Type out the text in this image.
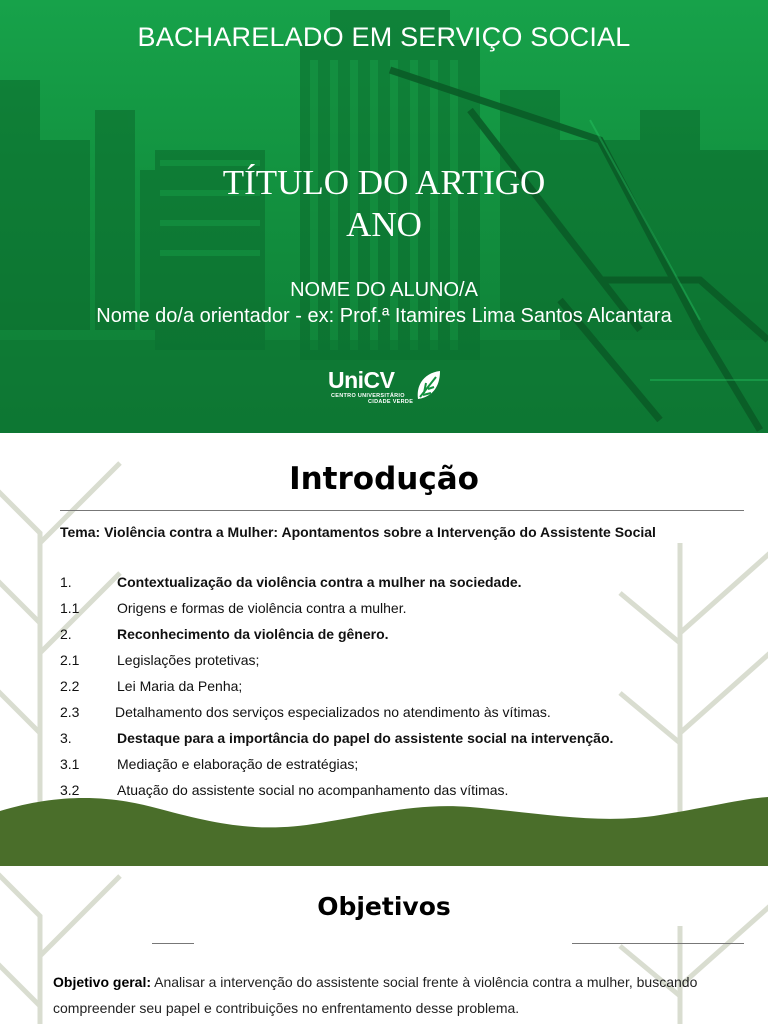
BACHARELADO EM SERVIÇO SOCIAL
TÍTULO DO ARTIGO
ANO
NOME DO ALUNO/A
Nome do/a orientador - ex: Prof.ª Itamires Lima Santos Alcantara
UniCV
CENTRO UNIVERSITÁRIO
CIDADE VERDE
Introdução
Tema: Violência contra a Mulher: Apontamentos sobre a Intervenção do Assistente Social
1.	Contextualização da violência contra a mulher na sociedade.
1.1	Origens e formas de violência contra a mulher.
2.	Reconhecimento da violência de gênero.
2.1	Legislações protetivas;
2.2	Lei Maria da Penha;
2.3	Detalhamento dos serviços especializados no atendimento às vítimas.
3.	Destaque para a importância do papel do assistente social na intervenção.
3.1	Mediação e elaboração de estratégias;
3.2	Atuação do assistente social no acompanhamento das vítimas.
Objetivos
Objetivo geral: Analisar a intervenção do assistente social frente à violência contra a mulher, buscando compreender seu papel e contribuições no enfrentamento desse problema.
